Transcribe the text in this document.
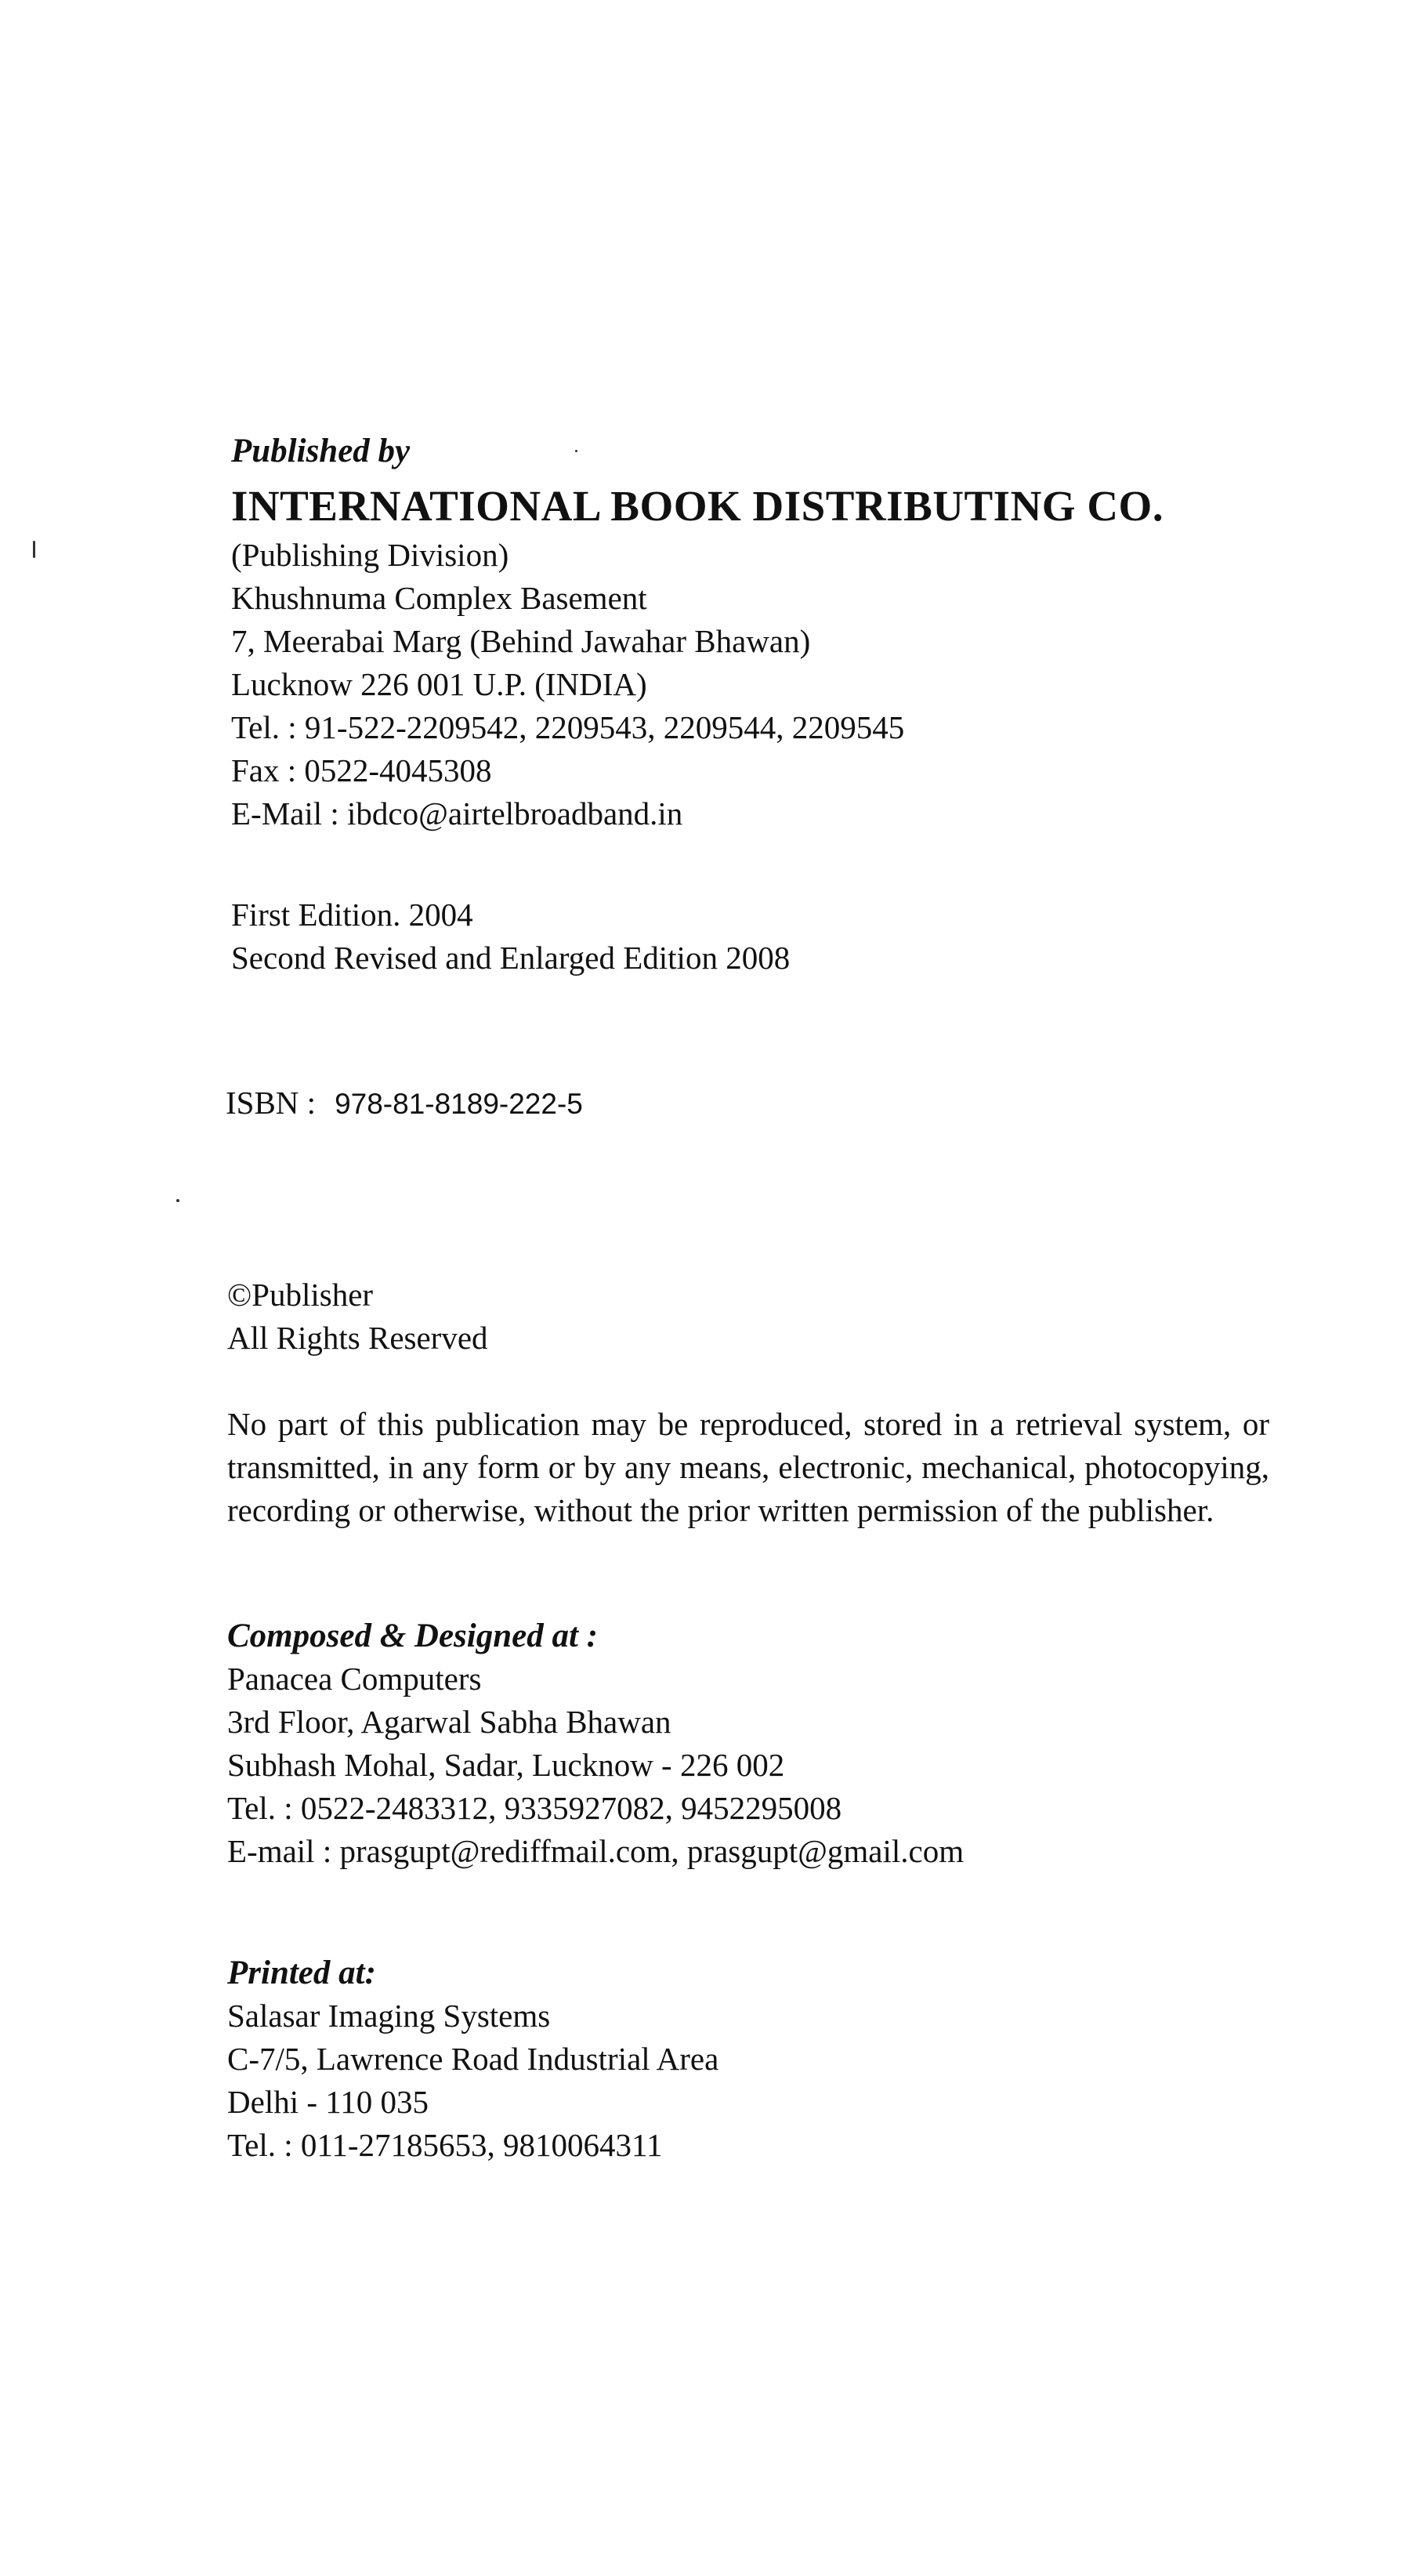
Published by
INTERNATIONAL BOOK DISTRIBUTING CO.
(Publishing Division)
Khushnuma Complex Basement
7, Meerabai Marg (Behind Jawahar Bhawan)
Lucknow 226 001 U.P. (INDIA)
Tel. : 91-522-2209542, 2209543, 2209544, 2209545
Fax : 0522-4045308
E-Mail : ibdco@airtelbroadband.in
First Edition. 2004
Second Revised and Enlarged Edition 2008
ISBN : 978-81-8189-222-5
©Publisher
All Rights Reserved
No part of this publication may be reproduced, stored in a retrieval system, or transmitted, in any form or by any means, electronic, mechanical, photocopying, recording or otherwise, without the prior written permission of the publisher.
Composed & Designed at :
Panacea Computers
3rd Floor, Agarwal Sabha Bhawan
Subhash Mohal, Sadar, Lucknow - 226 002
Tel. : 0522-2483312, 9335927082, 9452295008
E-mail : prasgupt@rediffmail.com, prasgupt@gmail.com
Printed at:
Salasar Imaging Systems
C-7/5, Lawrence Road Industrial Area
Delhi - 110 035
Tel. : 011-27185653, 9810064311
